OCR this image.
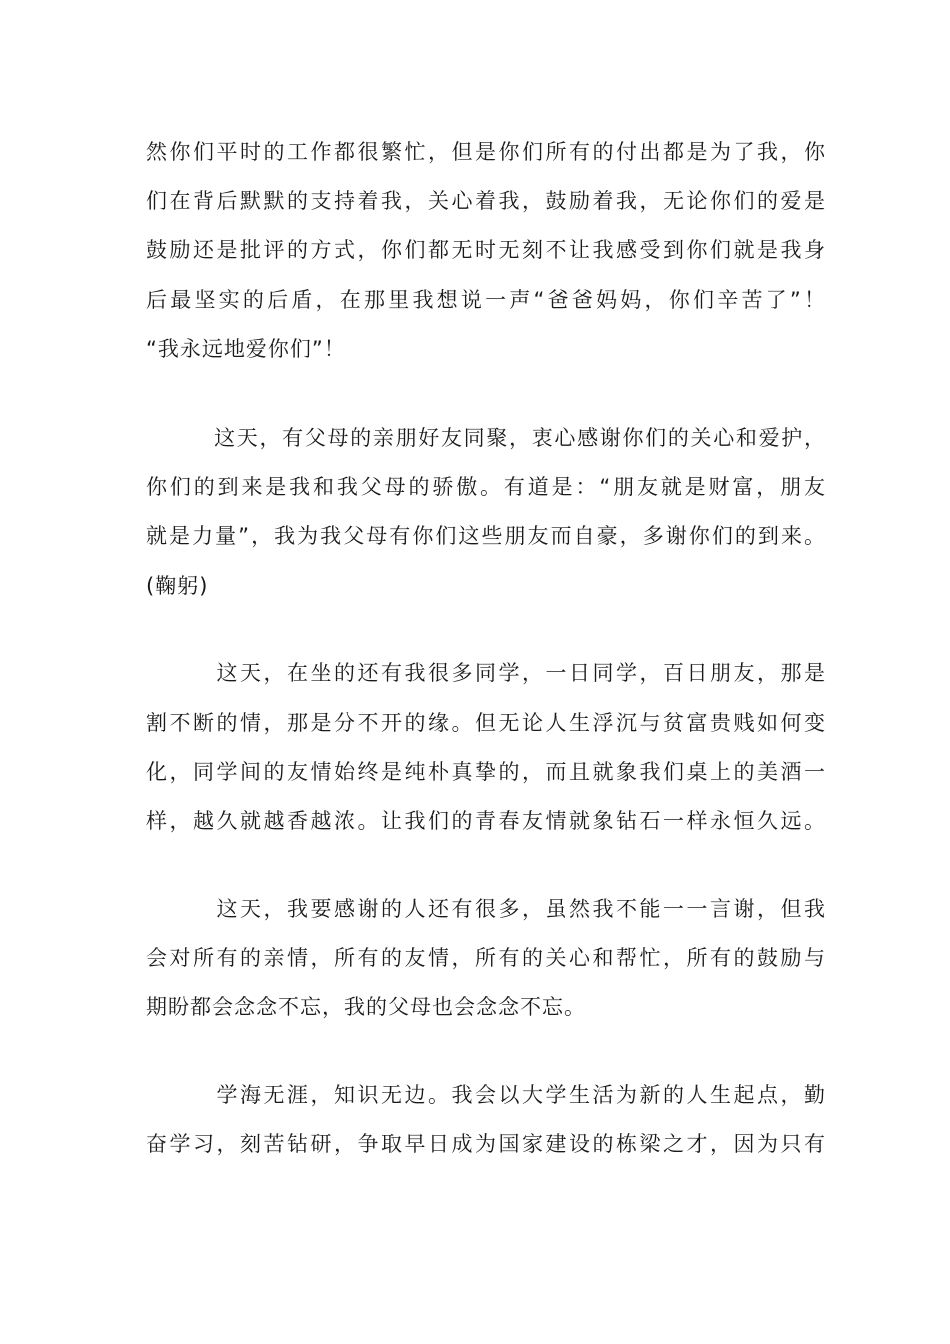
然你们平时的工作都很繁忙，但是你们所有的付出都是为了我，你
们在背后默默的支持着我，关心着我，鼓励着我，无论你们的爱是
鼓励还是批评的方式，你们都无时无刻不让我感受到你们就是我身
后最坚实的后盾，在那里我想说一声“爸爸妈妈，你们辛苦了”！
“我永远地爱你们”！
　　　这天，有父母的亲朋好友同聚，衷心感谢你们的关心和爱护，
你们的到来是我和我父母的骄傲。有道是：“朋友就是财富，朋友
就是力量”，我为我父母有你们这些朋友而自豪，多谢你们的到来。
(鞠躬)
　　　这天，在坐的还有我很多同学，一日同学，百日朋友，那是
割不断的情，那是分不开的缘。但无论人生浮沉与贫富贵贱如何变
化，同学间的友情始终是纯朴真挚的，而且就象我们桌上的美酒一
样，越久就越香越浓。让我们的青春友情就象钻石一样永恒久远。
　　　这天，我要感谢的人还有很多，虽然我不能一一言谢，但我
会对所有的亲情，所有的友情，所有的关心和帮忙，所有的鼓励与
期盼都会念念不忘，我的父母也会念念不忘。
　　　学海无涯，知识无边。我会以大学生活为新的人生起点，勤
奋学习，刻苦钻研，争取早日成为国家建设的栋梁之才，因为只有
